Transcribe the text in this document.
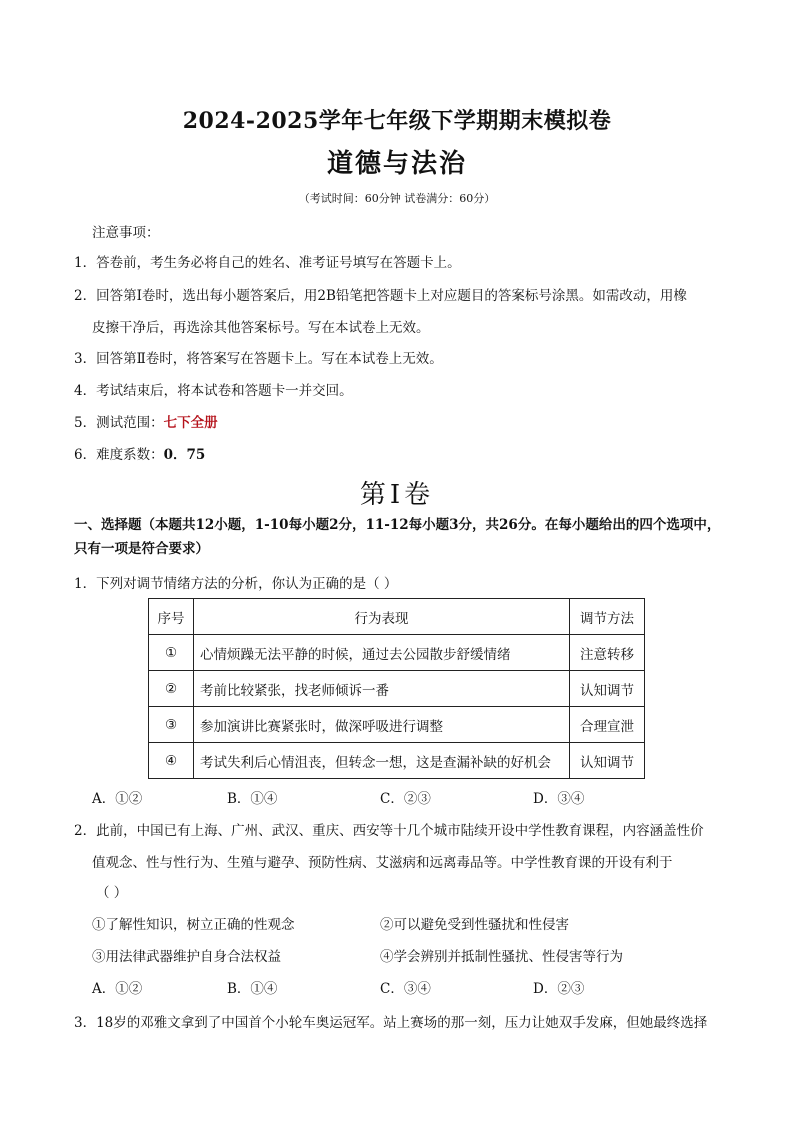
2024-2025学年七年级下学期期末模拟卷
道德与法治
（考试时间：60分钟 试卷满分：60分）
注意事项：
1．答卷前，考生务必将自己的姓名、准考证号填写在答题卡上。
2．回答第Ⅰ卷时，选出每小题答案后，用2B铅笔把答题卡上对应题目的答案标号涂黑。如需改动，用橡
皮擦干净后，再选涂其他答案标号。写在本试卷上无效。
3．回答第Ⅱ卷时，将答案写在答题卡上。写在本试卷上无效。
4．考试结束后，将本试卷和答题卡一并交回。
5．测试范围：七下全册
6．难度系数：0．75
第Ⅰ卷
一、选择题（本题共12小题，1-10每小题2分，11-12每小题3分，共26分。在每小题给出的四个选项中，
只有一项是符合要求）
1．下列对调节情绪方法的分析，你认为正确的是（ ）
序号	行为表现	调节方法
①	心情烦躁无法平静的时候，通过去公园散步舒缓情绪	注意转移
②	考前比较紧张，找老师倾诉一番	认知调节
③	参加演讲比赛紧张时，做深呼吸进行调整	合理宣泄
④	考试失利后心情沮丧，但转念一想，这是查漏补缺的好机会	认知调节
A．①②	B．①④	C．②③	D．③④
2．此前，中国已有上海、广州、武汉、重庆、西安等十几个城市陆续开设中学性教育课程，内容涵盖性价
值观念、性与性行为、生殖与避孕、预防性病、艾滋病和远离毒品等。中学性教育课的开设有利于
（ ）
①了解性知识，树立正确的性观念	②可以避免受到性骚扰和性侵害
③用法律武器维护自身合法权益	④学会辨别并抵制性骚扰、性侵害等行为
A．①②	B．①④	C．③④	D．②③
3．18岁的邓雅文拿到了中国首个小轮车奥运冠军。站上赛场的那一刻，压力让她双手发麻，但她最终选择
